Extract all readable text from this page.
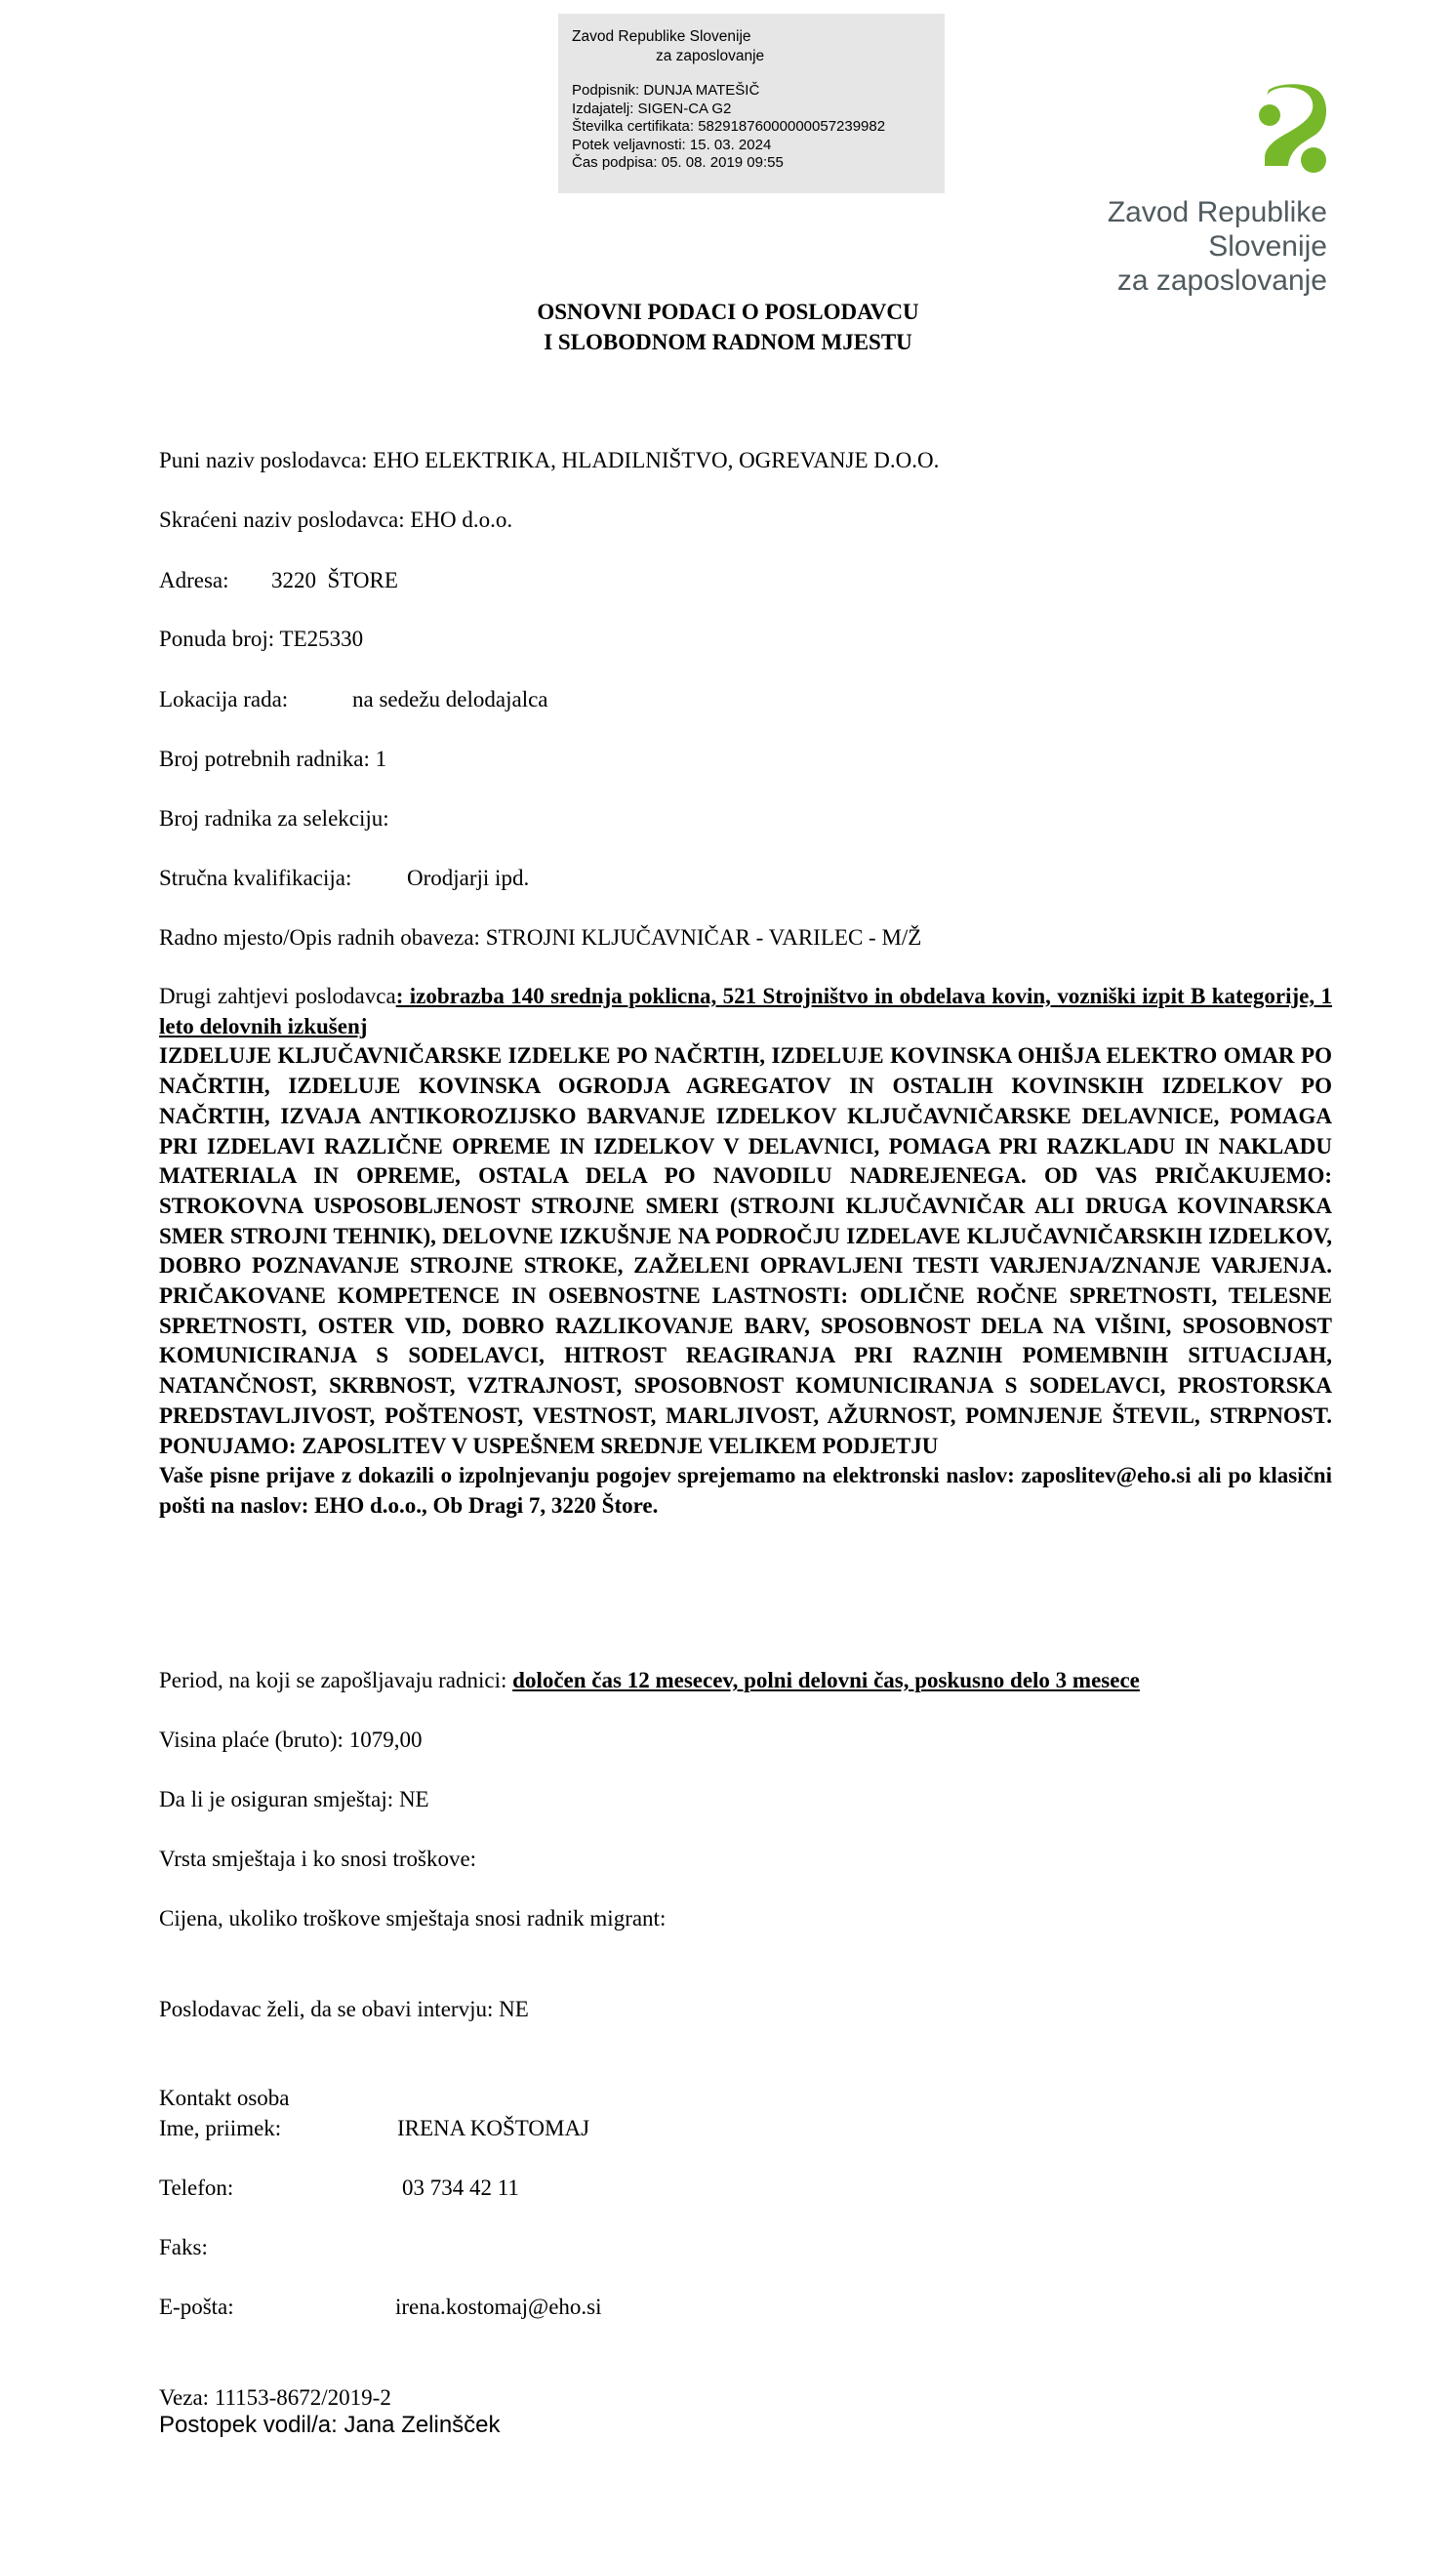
Zavod Republike Slovenije
za zaposlovanje
Podpisnik: DUNJA MATEŠIČ
Izdajatelj: SIGEN-CA G2
Številka certifikata: 58291876000000057239982
Potek veljavnosti: 15. 03. 2024
Čas podpisa: 05. 08. 2019 09:55
Zavod Republike Slovenije
za zaposlovanje
OSNOVNI PODACI O POSLODAVCU
I SLOBODNOM RADNOM MJESTU
Puni naziv poslodavca: EHO ELEKTRIKA, HLADILNIŠTVO, OGREVANJE D.O.O.
Skraćeni naziv poslodavca: EHO d.o.o.
Adresa: 3220  ŠTORE
Ponuda broj: TE25330
Lokacija rada:	na sedežu delodajalca
Broj potrebnih radnika: 1
Broj radnika za selekciju:
Stručna kvalifikacija: Orodjarji ipd.
Radno mjesto/Opis radnih obaveza: STROJNI KLJUČAVNIČAR - VARILEC - M/Ž
Drugi zahtjevi poslodavca: izobrazba 140 srednja poklicna, 521 Strojništvo in obdelava kovin, vozniški izpit B kategorije, 1 leto delovnih izkušenj
IZDELUJE KLJUČAVNIČARSKE IZDELKE PO NAČRTIH, IZDELUJE KOVINSKA OHIŠJA ELEKTRO OMAR PO NAČRTIH, IZDELUJE KOVINSKA OGRODJA AGREGATOV IN OSTALIH KOVINSKIH IZDELKOV PO NAČRTIH, IZVAJA ANTIKOROZIJSKO BARVANJE IZDELKOV KLJUČAVNIČARSKE DELAVNICE, POMAGA PRI IZDELAVI RAZLIČNE OPREME IN IZDELKOV V DELAVNICI, POMAGA PRI RAZKLADU IN NAKLADU MATERIALA IN OPREME, OSTALA DELA PO NAVODILU NADREJENEGA. OD VAS PRIČAKUJEMO: STROKOVNA USPOSOBLJENOST STROJNE SMERI (STROJNI KLJUČAVNIČAR ALI DRUGA KOVINARSKA SMER STROJNI TEHNIK), DELOVNE IZKUŠNJE NA PODROČJU IZDELAVE KLJUČAVNIČARSKIH IZDELKOV, DOBRO POZNAVANJE STROJNE STROKE, ZAŽELENI OPRAVLJENI TESTI VARJENJA/ZNANJE VARJENJA. PRIČAKOVANE KOMPETENCE IN OSEBNOSTNE LASTNOSTI: ODLIČNE ROČNE SPRETNOSTI, TELESNE SPRETNOSTI, OSTER VID, DOBRO RAZLIKOVANJE BARV, SPOSOBNOST DELA NA VIŠINI, SPOSOBNOST KOMUNICIRANJA S SODELAVCI, HITROST REAGIRANJA PRI RAZNIH POMEMBNIH SITUACIJAH, NATANČNOST, SKRBNOST, VZTRAJNOST, SPOSOBNOST KOMUNICIRANJA S SODELAVCI, PROSTORSKA PREDSTAVLJIVOST, POŠTENOST, VESTNOST, MARLJIVOST, AŽURNOST, POMNJENJE ŠTEVIL, STRPNOST. PONUJAMO: ZAPOSLITEV V USPEŠNEM SREDNJE VELIKEM PODJETJU
Vaše pisne prijave z dokazili o izpolnjevanju pogojev sprejemamo na elektronski naslov: zaposlitev@eho.si ali po klasični pošti na naslov: EHO d.o.o., Ob Dragi 7, 3220 Štore.
Period, na koji se zapošljavaju radnici: določen čas 12 mesecev, polni delovni čas, poskusno delo 3 mesece
Visina plaće (bruto): 1079,00
Da li je osiguran smještaj: NE
Vrsta smještaja i ko snosi troškove:
Cijena, ukoliko troškove smještaja snosi radnik migrant:
Poslodavac želi, da se obavi intervju: NE
Kontakt osoba
Ime, priimek:	IRENA KOŠTOMAJ
Telefon:	03 734 42 11
Faks:
E-pošta:	irena.kostomaj@eho.si
Veza: 11153-8672/2019-2
Postopek vodil/a: Jana Zelinšček
